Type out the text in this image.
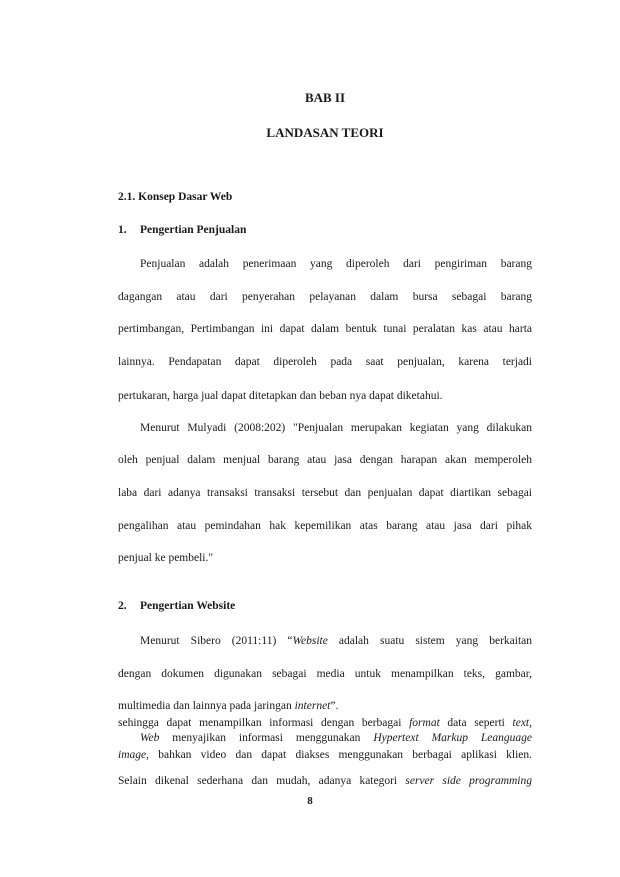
BAB II

LANDASAN TEORI

2.1. Konsep Dasar Web

1. Pengertian Penjualan

Penjualan adalah penerimaan yang diperoleh dari pengiriman barang

dagangan atau dari penyerahan pelayanan dalam bursa sebagai barang

pertimbangan, Pertimbangan ini dapat dalam bentuk tunai peralatan kas atau harta

lainnya. Pendapatan dapat diperoleh pada saat penjualan, karena terjadi

pertukaran, harga jual dapat ditetapkan dan beban nya dapat diketahui.

Menurut Mulyadi (2008:202) "Penjualan merupakan kegiatan yang dilakukan

oleh penjual dalam menjual barang atau jasa dengan harapan akan memperoleh

laba dari adanya transaksi transaksi tersebut dan penjualan dapat diartikan sebagai

pengalihan atau pemindahan hak kepemilikan atas barang atau jasa dari pihak

penjual ke pembeli."

2. Pengertian Website

Menurut Sibero (2011:11) “Website adalah suatu sistem yang berkaitan

dengan dokumen digunakan sebagai media untuk menampilkan teks, gambar,

multimedia dan lainnya pada jaringan internet”.

Web menyajikan informasi menggunakan Hypertext Markup Leanguage

sehingga dapat menampilkan informasi dengan berbagai format data seperti text,

8

image, bahkan video dan dapat diakses menggunakan berbagai aplikasi klien.

Selain dikenal sederhana dan mudah, adanya kategori server side programming
